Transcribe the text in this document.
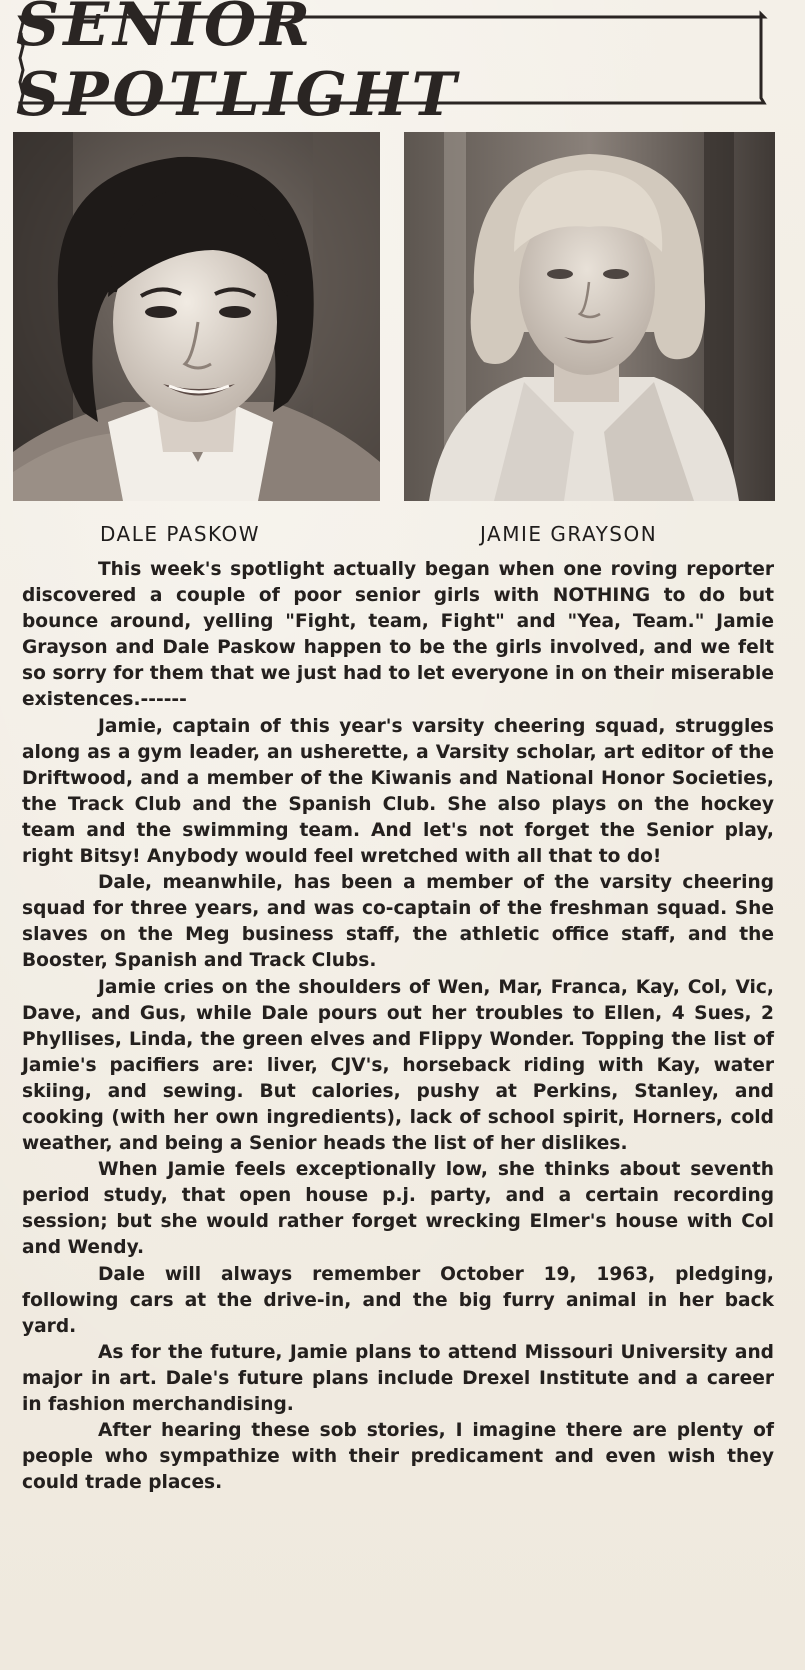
SENIOR SPOTLIGHT
DALE PASKOW	JAMIE GRAYSON

This week's spotlight actually began when one roving reporter discovered a couple of poor senior girls with NOTHING to do but bounce around, yelling "Fight, team, Fight" and "Yea, Team." Jamie Grayson and Dale Paskow happen to be the girls involved, and we felt so sorry for them that we just had to let everyone in on their miserable existences.------

Jamie, captain of this year's varsity cheering squad, struggles along as a gym leader, an usherette, a Varsity scholar, art editor of the Driftwood, and a member of the Kiwanis and National Honor Societies, the Track Club and the Spanish Club. She also plays on the hockey team and the swimming team. And let's not forget the Senior play, right Bitsy! Anybody would feel wretched with all that to do!

Dale, meanwhile, has been a member of the varsity cheering squad for three years, and was co-captain of the freshman squad. She slaves on the Meg business staff, the athletic office staff, and the Booster, Spanish and Track Clubs.

Jamie cries on the shoulders of Wen, Mar, Franca, Kay, Col, Vic, Dave, and Gus, while Dale pours out her troubles to Ellen, 4 Sues, 2 Phyllises, Linda, the green elves and Flippy Wonder. Topping the list of Jamie's pacifiers are: liver, CJV's, horseback riding with Kay, water skiing, and sewing. But calories, pushy at Perkins, Stanley, and cooking (with her own ingredients), lack of school spirit, Horners, cold weather, and being a Senior heads the list of her dislikes.

When Jamie feels exceptionally low, she thinks about seventh period study, that open house p.j. party, and a certain recording session; but she would rather forget wrecking Elmer's house with Col and Wendy.

Dale will always remember October 19, 1963, pledging, following cars at the drive-in, and the big furry animal in her back yard.

As for the future, Jamie plans to attend Missouri University and major in art. Dale's future plans include Drexel Institute and a career in fashion merchandising.

After hearing these sob stories, I imagine there are plenty of people who sympathize with their predicament and even wish they could trade places.
